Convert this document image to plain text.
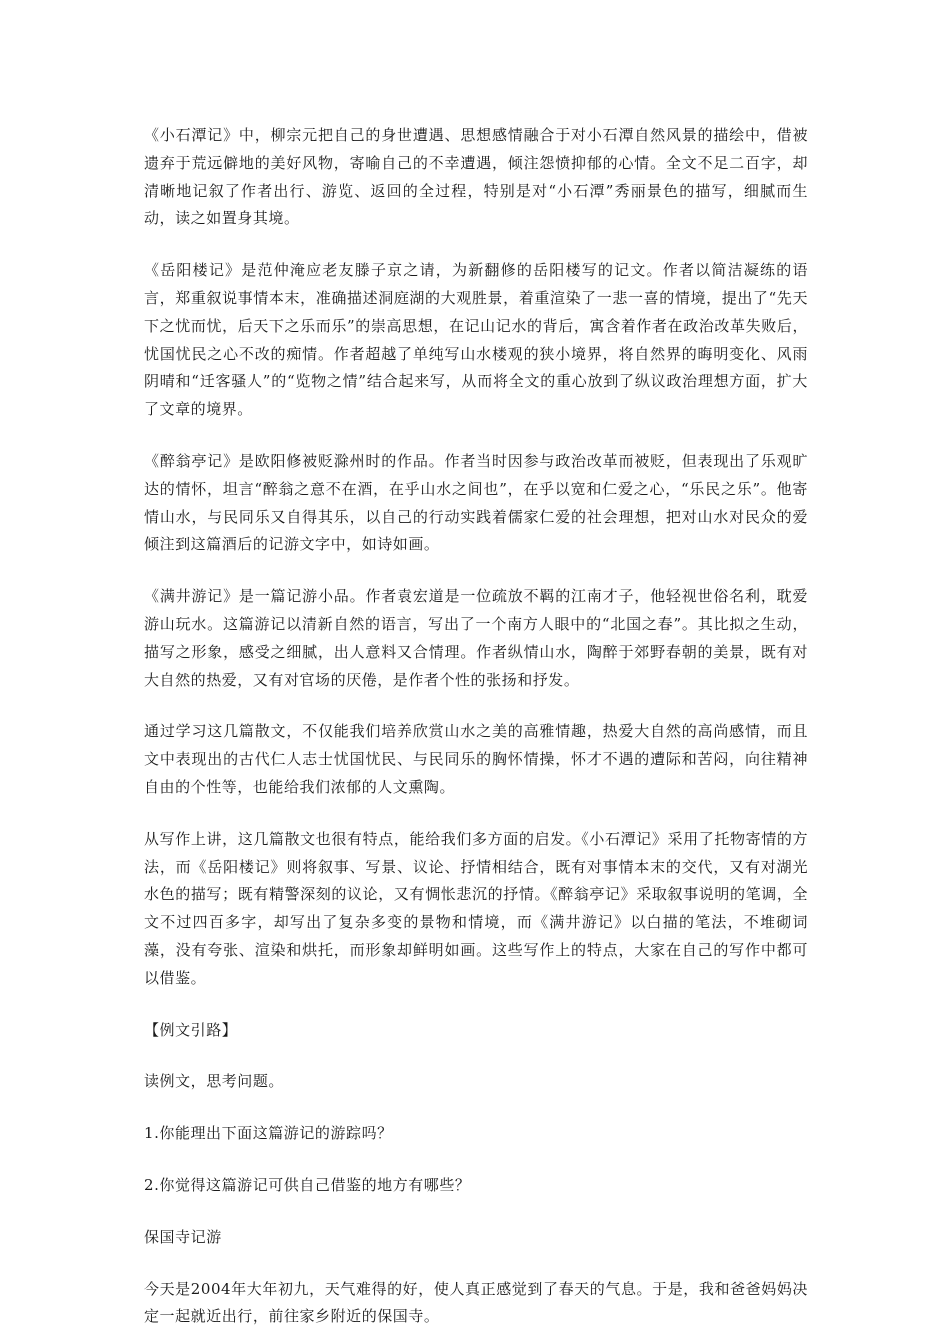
《小石潭记》中，柳宗元把自己的身世遭遇、思想感情融合于对小石潭自然风景的描绘中，借被遗弃于荒远僻地的美好风物，寄喻自己的不幸遭遇，倾注怨愤抑郁的心情。全文不足二百字，却清晰地记叙了作者出行、游览、返回的全过程，特别是对“小石潭”秀丽景色的描写，细腻而生动，读之如置身其境。

《岳阳楼记》是范仲淹应老友滕子京之请，为新翻修的岳阳楼写的记文。作者以简洁凝练的语言，郑重叙说事情本末，准确描述洞庭湖的大观胜景，着重渲染了一悲一喜的情境，提出了“先天下之忧而忧，后天下之乐而乐”的崇高思想，在记山记水的背后，寓含着作者在政治改革失败后，忧国忧民之心不改的痴情。作者超越了单纯写山水楼观的狭小境界，将自然界的晦明变化、风雨阴晴和“迁客骚人”的“览物之情”结合起来写，从而将全文的重心放到了纵议政治理想方面，扩大了文章的境界。

《醉翁亭记》是欧阳修被贬滁州时的作品。作者当时因参与政治改革而被贬，但表现出了乐观旷达的情怀，坦言“醉翁之意不在酒，在乎山水之间也”，在乎以宽和仁爱之心，“乐民之乐”。他寄情山水，与民同乐又自得其乐，以自己的行动实践着儒家仁爱的社会理想，把对山水对民众的爱倾注到这篇酒后的记游文字中，如诗如画。

《满井游记》是一篇记游小品。作者袁宏道是一位疏放不羁的江南才子，他轻视世俗名利，耽爱游山玩水。这篇游记以清新自然的语言，写出了一个南方人眼中的“北国之春”。其比拟之生动，描写之形象，感受之细腻，出人意料又合情理。作者纵情山水，陶醉于郊野春朝的美景，既有对大自然的热爱，又有对官场的厌倦，是作者个性的张扬和抒发。

通过学习这几篇散文，不仅能我们培养欣赏山水之美的高雅情趣，热爱大自然的高尚感情，而且文中表现出的古代仁人志士忧国忧民、与民同乐的胸怀情操，怀才不遇的遭际和苦闷，向往精神自由的个性等，也能给我们浓郁的人文熏陶。

从写作上讲，这几篇散文也很有特点，能给我们多方面的启发。《小石潭记》采用了托物寄情的方法，而《岳阳楼记》则将叙事、写景、议论、抒情相结合，既有对事情本末的交代，又有对湖光水色的描写；既有精警深刻的议论，又有惆怅悲沉的抒情。《醉翁亭记》采取叙事说明的笔调，全文不过四百多字，却写出了复杂多变的景物和情境，而《满井游记》以白描的笔法，不堆砌词藻，没有夸张、渲染和烘托，而形象却鲜明如画。这些写作上的特点，大家在自己的写作中都可以借鉴。

【例文引路】

读例文，思考问题。

1.你能理出下面这篇游记的游踪吗？

2.你觉得这篇游记可供自己借鉴的地方有哪些？

保国寺记游

今天是2004年大年初九，天气难得的好，使人真正感觉到了春天的气息。于是，我和爸爸妈妈决定一起就近出行，前往家乡附近的保国寺。
